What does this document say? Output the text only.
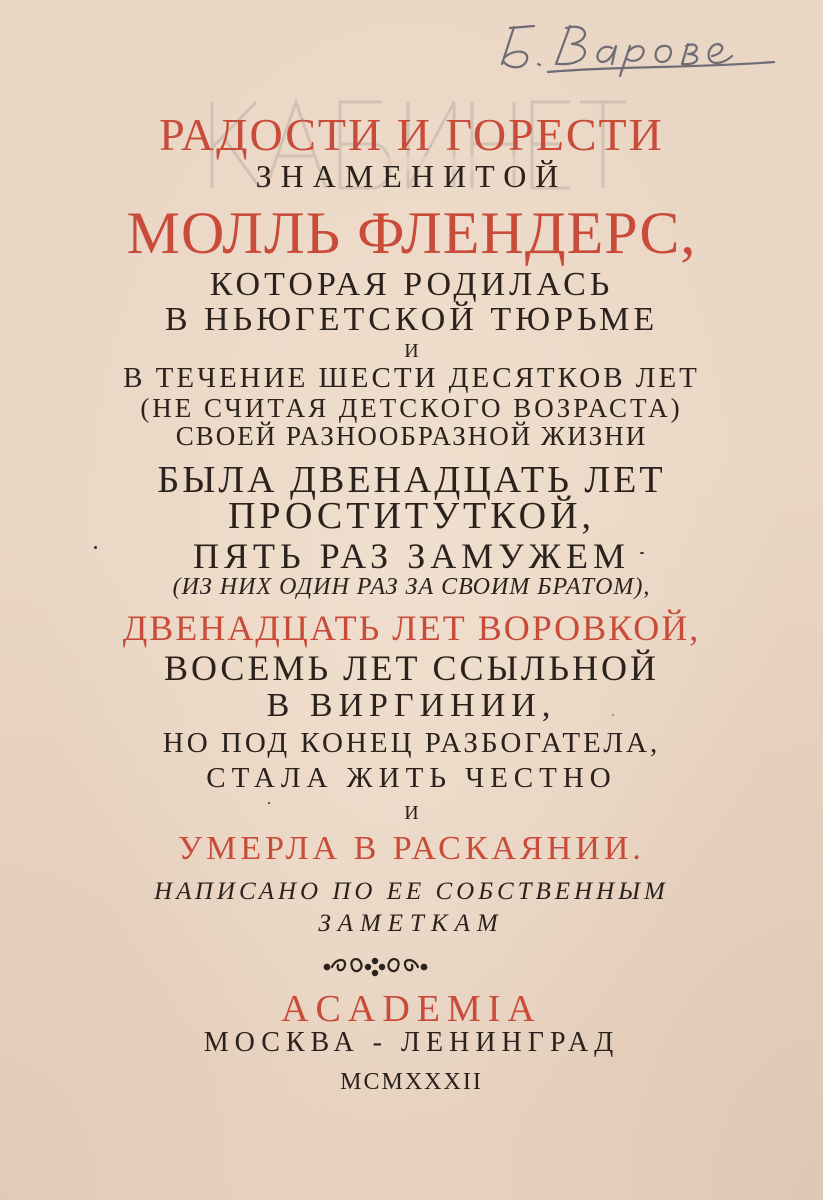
РАДОСТИ И ГОРЕСТИ
ЗНАМЕНИТОЙ
МОЛЛЬ ФЛЕНДЕРС,
КОТОРАЯ РОДИЛАСЬ
В НЬЮГЕТСКОЙ ТЮРЬМЕ
И
В ТЕЧЕНИЕ ШЕСТИ ДЕСЯТКОВ ЛЕТ
(НЕ СЧИТАЯ ДЕТСКОГО ВОЗРАСТА)
СВОЕЙ РАЗНООБРАЗНОЙ ЖИЗНИ
БЫЛА ДВЕНАДЦАТЬ ЛЕТ
ПРОСТИТУТКОЙ,
ПЯТЬ РАЗ ЗАМУЖЕМ
(ИЗ НИХ ОДИН РАЗ ЗА СВОИМ БРАТОМ),
ДВЕНАДЦАТЬ ЛЕТ ВОРОВКОЙ,
ВОСЕМЬ ЛЕТ ССЫЛЬНОЙ
В ВИРГИНИИ,
НО ПОД КОНЕЦ РАЗБОГАТЕЛА,
СТАЛА ЖИТЬ ЧЕСТНО
И
УМЕРЛА В РАСКАЯНИИ.
НАПИСАНО ПО ЕЕ СОБСТВЕННЫМ
ЗАМЕТКАМ
ACADEMIA
МОСКВА - ЛЕНИНГРАД
MCMXXXII
